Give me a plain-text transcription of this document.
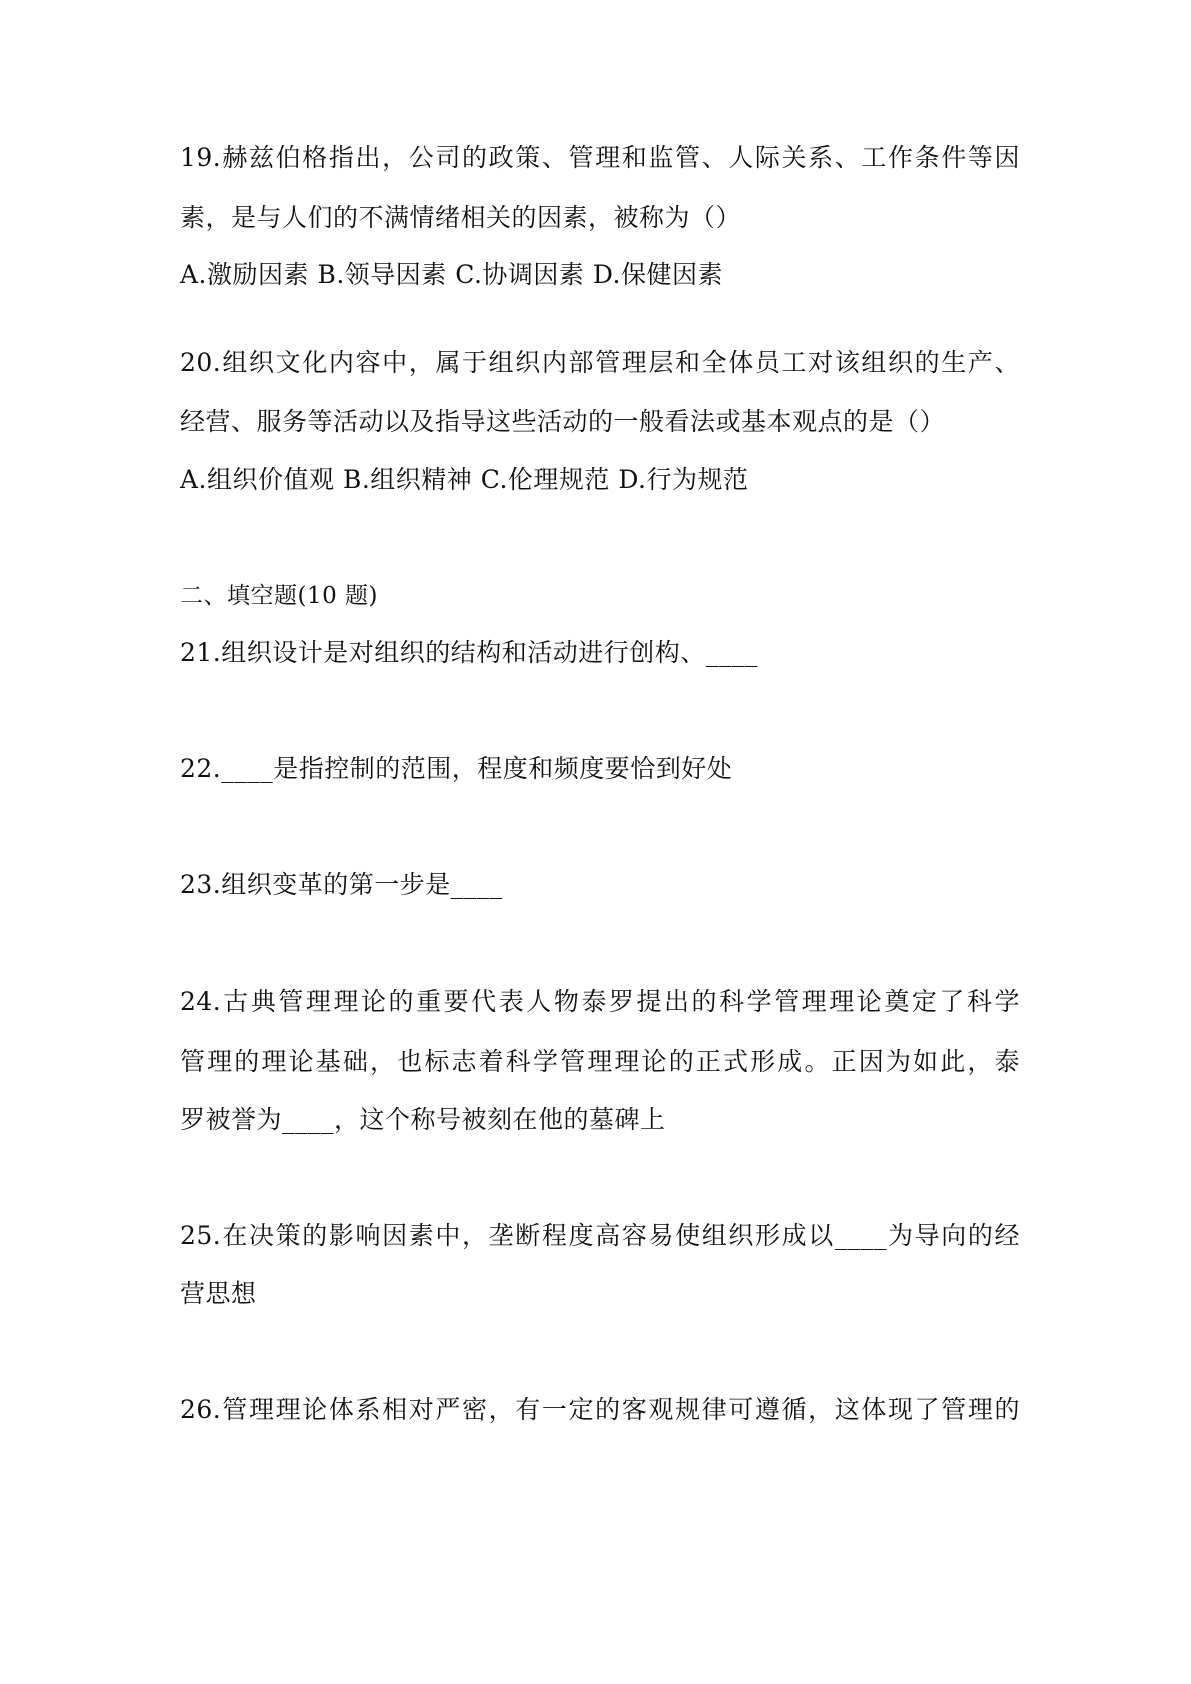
19.赫兹伯格指出，公司的政策、管理和监管、人际关系、工作条件等因
素，是与人们的不满情绪相关的因素，被称为（）
A.激励因素 B.领导因素 C.协调因素 D.保健因素
20.组织文化内容中，属于组织内部管理层和全体员工对该组织的生产、
经营、服务等活动以及指导这些活动的一般看法或基本观点的是（）
A.组织价值观 B.组织精神 C.伦理规范 D.行为规范
二、填空题(10 题)
21.组织设计是对组织的结构和活动进行创构、____
22.____是指控制的范围，程度和频度要恰到好处
23.组织变革的第一步是____
24.古典管理理论的重要代表人物泰罗提出的科学管理理论奠定了科学
管理的理论基础，也标志着科学管理理论的正式形成。正因为如此，泰
罗被誉为____，这个称号被刻在他的墓碑上
25.在决策的影响因素中，垄断程度高容易使组织形成以____为导向的经
营思想
26.管理理论体系相对严密，有一定的客观规律可遵循，这体现了管理的
